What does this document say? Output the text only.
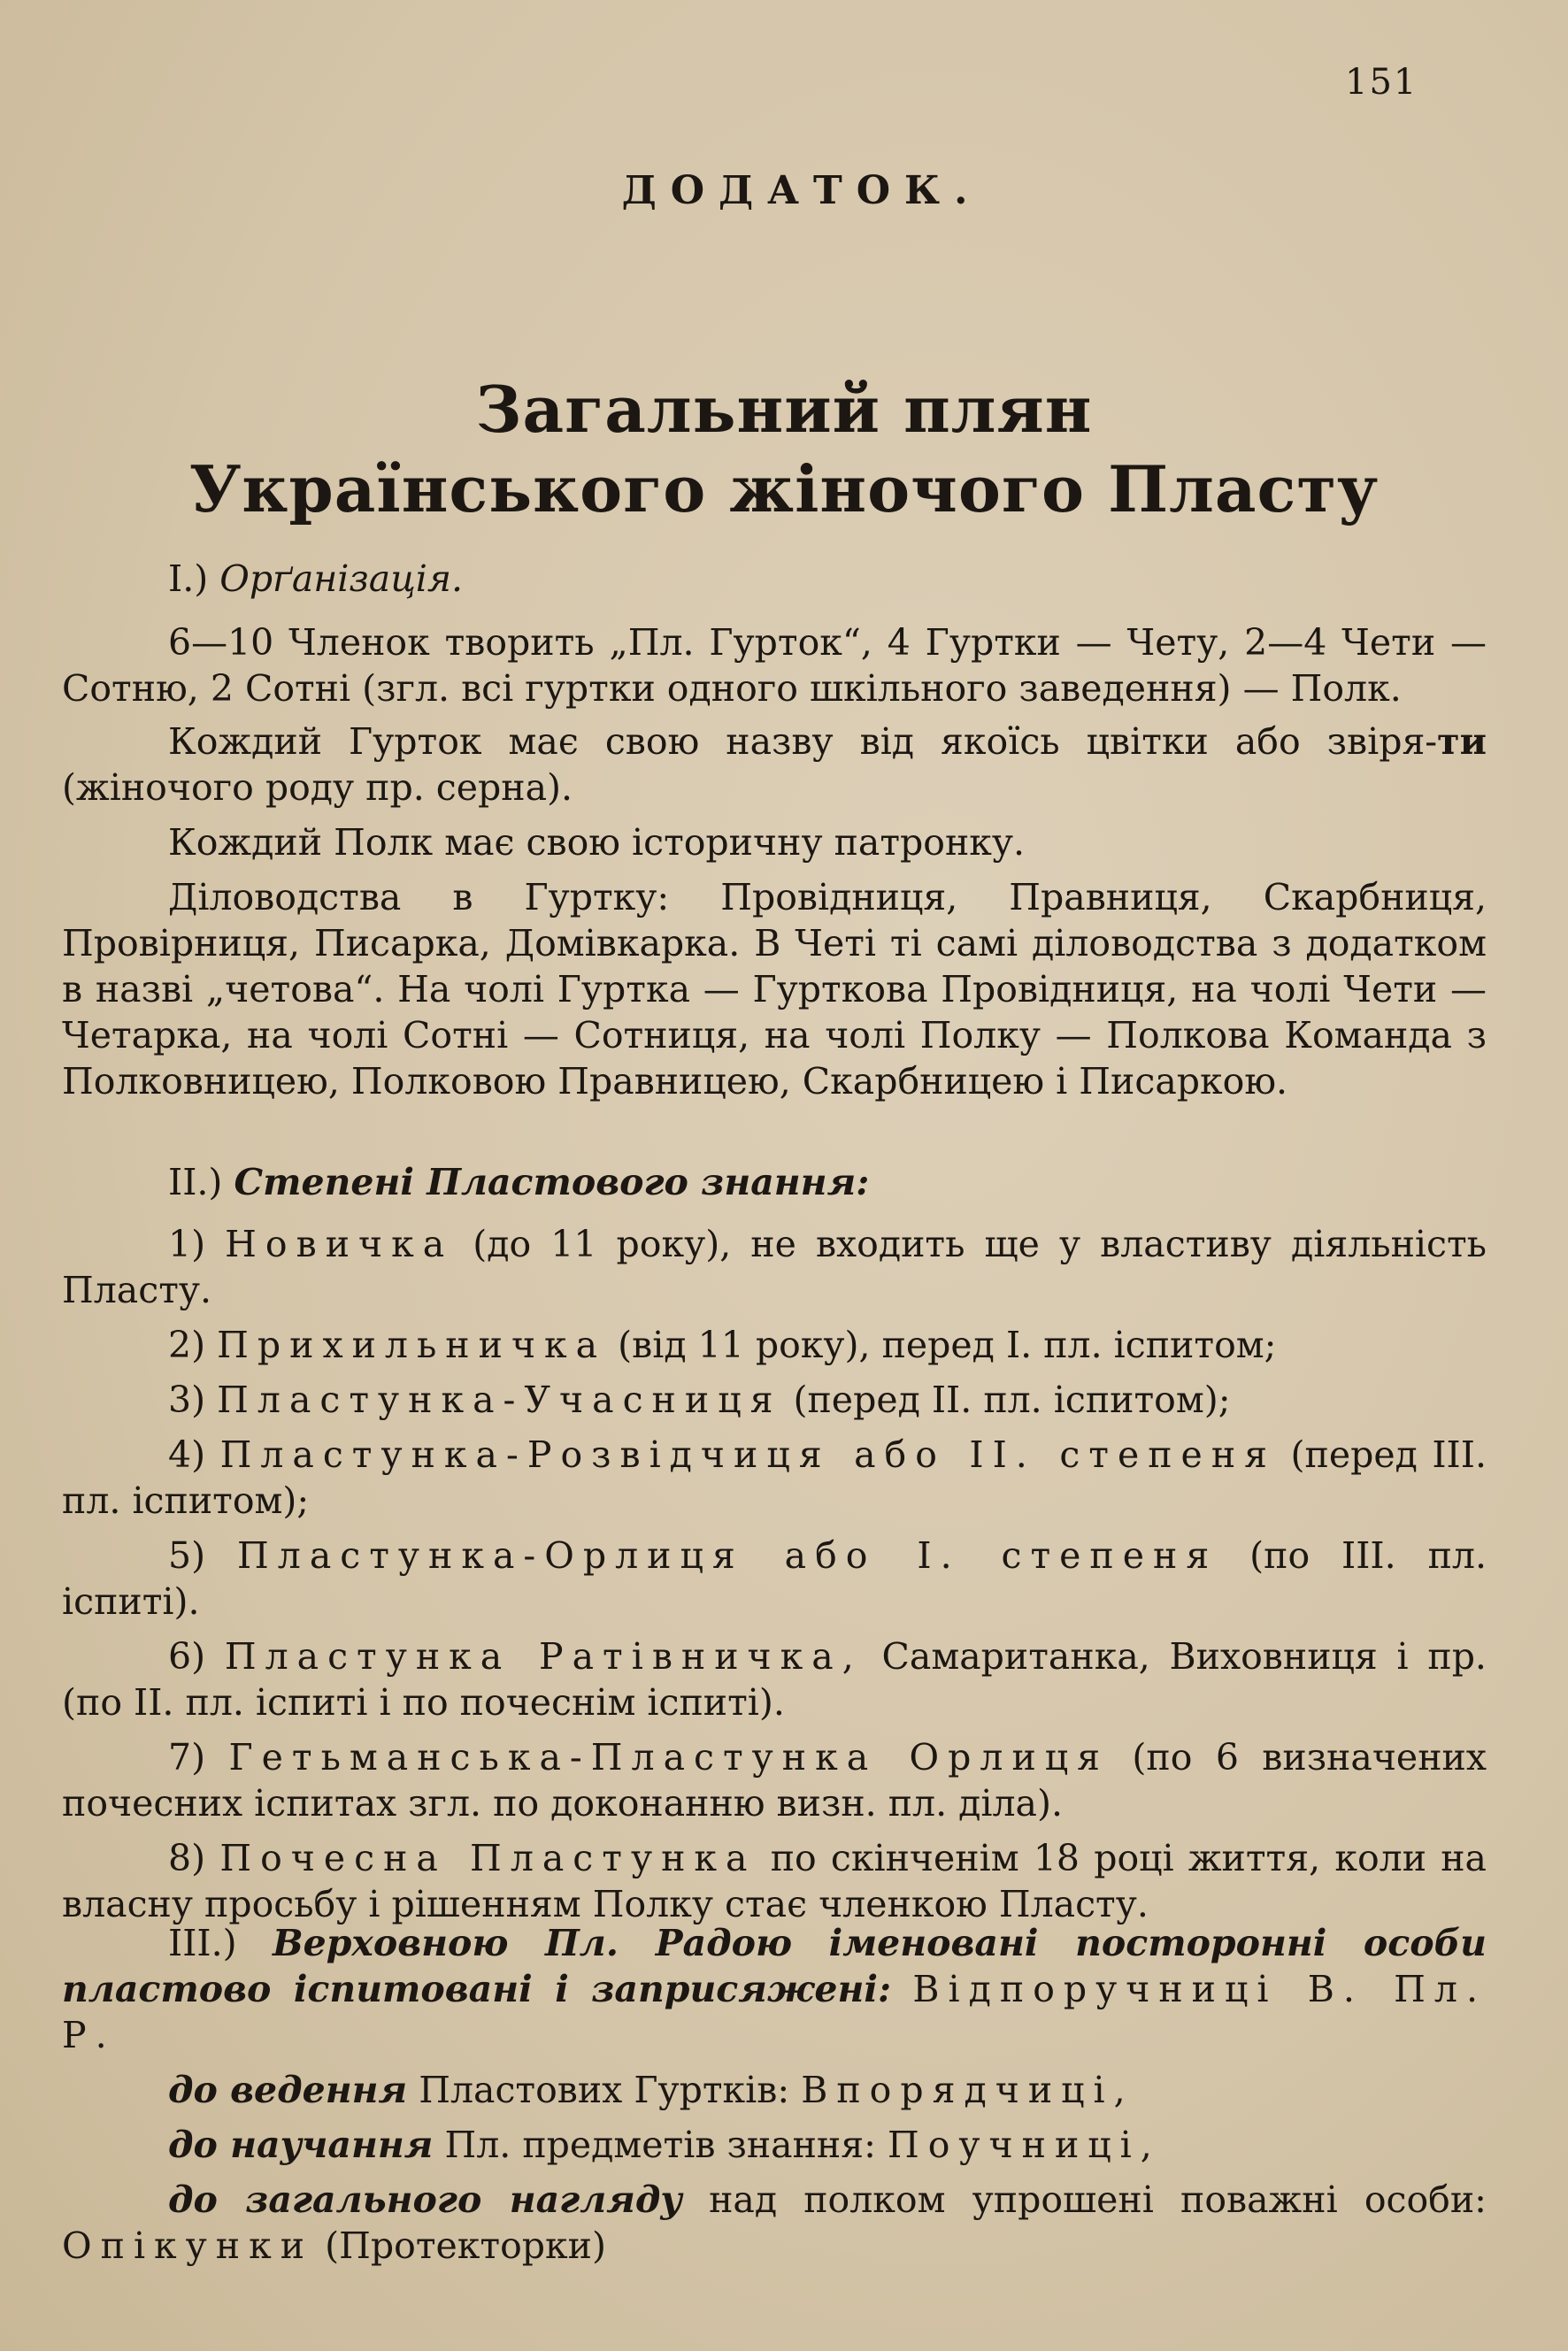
151
ДОДАТОК.
Загальний плян
Українського жіночого Пласту

I.) Орґанізація.

6—10 Членок творить „Пл. Гурток“, 4 Гуртки — Чету, 2—4 Чети — Сотню, 2 Сотні (згл. всі гуртки одного шкільного заведення) — Полк.

Кождий Гурток має свою назву від якоїсь цвітки або звіря-ти (жіночого роду пр. серна).

Кождий Полк має свою історичну патронку.

Діловодства в Гуртку: Провідниця, Правниця, Скарбниця, Провірниця, Писарка, Домівкарка. В Четі ті самі діловодства з додатком в назві „четова“. На чолі Гуртка — Гурткова Провідниця, на чолі Чети — Четарка, на чолі Сотні — Сотниця, на чолі Полку — Полкова Команда з Полковницею, Полковою Правницею, Скарбницею і Писаркою.

II.) Степені Пластового знання:

1) Новичка (до 11 року), не входить ще у властиву діяльність Пласту.

2) Прихильничка (від 11 року), перед I. пл. іспитом;

3) Пластунка-Учасниця (перед II. пл. іспитом);

4) Пластунка-Розвідчиця або II. степеня (перед III. пл. іспитом);

5) Пластунка-Орлиця або I. степеня (по III. пл. іспиті).

6) Пластунка Ратівничка, Самаританка, Виховниця і пр. (по II. пл. іспиті і по почеснім іспиті).

7) Гетьманська-Пластунка Орлиця (по 6 визначених почесних іспитах згл. по доконанню визн. пл. діла).

8) Почесна Пластунка по скінченім 18 році життя, коли на власну просьбу і рішенням Полку стає членкою Пласту.

III.) Верховною Пл. Радою іменовані посторонні особи пластово іспитовані і заприсяжені: Відпоручниці В. Пл. Р.

до ведення Пластових Гуртків: Впорядчиці,

до научання Пл. предметів знання: Поучниці,

до загального нагляду над полком упрошені поважні особи: Опікунки (Протекторки)
